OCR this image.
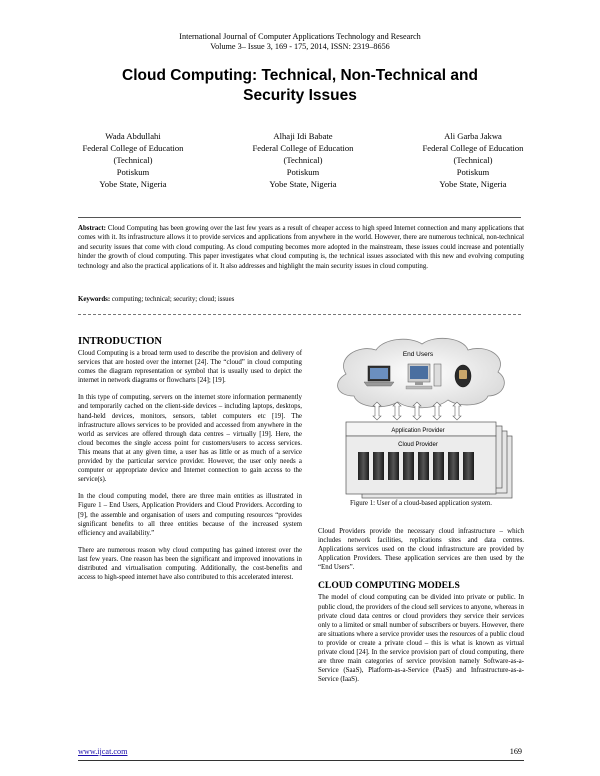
International Journal of Computer Applications Technology and Research
Volume 3– Issue 3, 169 - 175, 2014, ISSN: 2319–8656
Cloud Computing: Technical, Non-Technical and
Security Issues
Wada Abdullahi
Federal College of Education
(Technical)
Potiskum
Yobe State, Nigeria
Alhaji Idi Babate
Federal College of Education
(Technical)
Potiskum
Yobe State, Nigeria
Ali Garba Jakwa
Federal College of Education
(Technical)
Potiskum
Yobe State, Nigeria
Abstract: Cloud Computing has been growing over the last few years as a result of cheaper access to high speed Internet connection and many applications that comes with it. Its infrastructure allows it to provide services and applications from anywhere in the world. However, there are numerous technical, non-technical and security issues that come with cloud computing. As cloud computing becomes more adopted in the mainstream, these issues could increase and potentially hinder the growth of cloud computing. This paper investigates what cloud computing is, the technical issues associated with this new and evolving computing technology and also the practical applications of it. It also addresses and highlight the main security issues in cloud computing.
Keywords: computing; technical; security; cloud; issues
INTRODUCTION

Cloud Computing is a broad term used to describe the provision and delivery of services that are hosted over the internet [24]. The “cloud” in cloud computing comes the diagram representation or symbol that is usually used to depict the internet in network diagrams or flowcharts [24]; [19].

In this type of computing, servers on the internet store information permanently and temporarily cached on the client-side devices – including laptops, desktops, hand-held devices, monitors, sensors, tablet computers etc [19]. The infrastructure allows services to be provided and accessed from anywhere in the world as services are offered through data centres – virtually [19]. Here, the cloud becomes the single access point for customers/users to access services. This means that at any given time, a user has as little or as much of a service provided by the particular service provider. However, the user only needs a computer or appropriate device and Internet connection to gain access to the service(s).

In the cloud computing model, there are three main entities as illustrated in Figure 1 – End Users, Application Providers and Cloud Providers. According to [9], the assemble and organisation of users and computing resources “provides significant benefits to all three entities because of the increased system efficiency and availability.”

There are numerous reason why cloud computing has gained interest over the last few years. One reason has been the significant and improved innovations in distributed and virtualisation computing. Additionally, the cost-benefits and access to high-speed internet have also contributed to this accelerated interest.

End Users
Application Provider
Cloud Provider
Figure 1: User of a cloud-based application system.

Cloud Providers provide the necessary cloud infrastructure – which includes network facilities, replications sites and data centres. Applications services used on the cloud infrastructure are provided by Application Providers. These application services are then used by the “End Users”.

CLOUD COMPUTING MODELS

The model of cloud computing can be divided into private or public. In public cloud, the providers of the cloud sell services to anyone, whereas in private cloud data centres or cloud providers they service their services only to a limited or small number of subscribers or buyers. However, there are situations where a service provider uses the resources of a public cloud to provide or create a private cloud – this is what is known as virtual private cloud [24]. In the service provision part of cloud computing, there are three main categories of service provision namely Software-as-a-Service (SaaS), Platform-as-a-Service (PaaS) and Infrastructure-as-a-Service (IaaS).

www.ijcat.com	169
